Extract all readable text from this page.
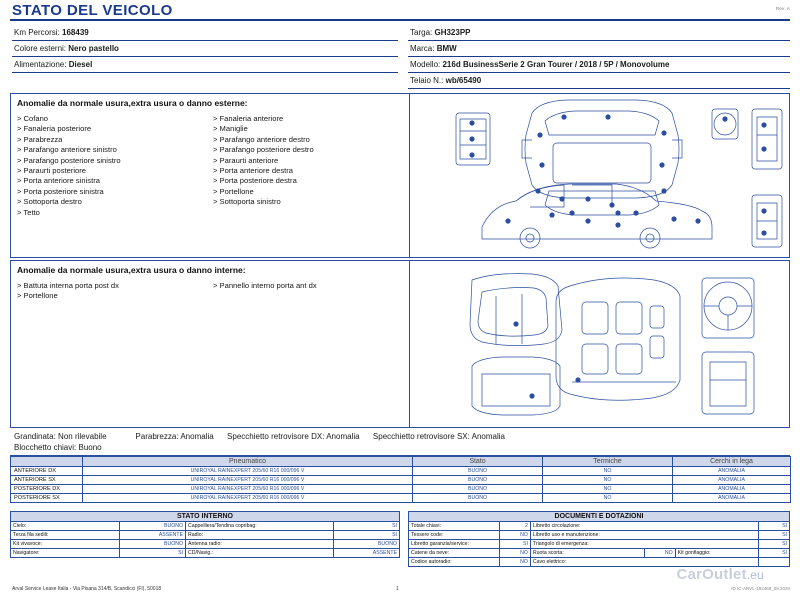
STATO DEL VEICOLO	Rev. A
Km Percorsi: 168439
Colore esterni: Nero pastello
Alimentazione: Diesel
Targa: GH323PP
Marca: BMW
Modello: 216d BusinessSerie 2 Gran Tourer / 2018 / 5P / Monovolume
Telaio N.: wb/65490
Anomalie da normale usura,extra usura o danno esterne:
> Cofano
> Fanaleria posteriore
> Parabrezza
> Parafango anteriore sinistro
> Parafango posteriore sinistro
> Paraurti posteriore
> Porta anteriore sinistra
> Porta posteriore sinistra
> Sottoporta destro
> Tetto
> Fanaleria anteriore
> Maniglie
> Parafango anteriore destro
> Parafango posteriore destro
> Paraurti anteriore
> Porta anteriore destra
> Porta posteriore destra
> Portellone
> Sottoporta sinistro
Anomalie da normale usura,extra usura o danno interne:
> Battuta interna porta post dx
> Portellone
> Pannello interno porta ant dx
Grandinata: Non rilevabile	Parabrezza: Anomalia Specchietto retrovisore DX: Anomalia Specchietto retrovisore SX: Anomalia
Blocchetto chiavi: Buono
	Pneumatico	Stato	Termiche	Cerchi in lega
ANTERIORE DX	UNIROYAL RAINEXPERT 205/60 R16 000/096 V	BUONO	NO	ANOMALIA
ANTERIORE SX	UNIROYAL RAINEXPERT 205/60 R16 000/096 V	BUONO	NO	ANOMALIA
POSTERIORE DX	UNIROYAL RAINEXPERT 205/60 R16 000/096 V	BUONO	NO	ANOMALIA
POSTERIORE SX	UNIROYAL RAINEXPERT 205/60 R16 000/096 V	BUONO	NO	ANOMALIA
STATO INTERNO
Cielo:	BUONO	Cappelliera/Tendina copribag:	SI
Terza fila sedili:	ASSENTE	Radio:	SI
Kit vivavoce:	BUONO	Antenna radio:	BUONO
Navigatore:	SI	CD/Navig.:	ASSENTE
DOCUMENTI E DOTAZIONI
Totale chiavi:	2	Libretto circolazione:			SI
Tessere code:	NO	Libretto uso e manutenzione:			SI
Libretto garanzia/service:	SI	Triangolo di emergenza:			SI
Catene da neve:	NO	Ruota scorta:	NO	Kit gonfiaggio:	SI
Codice autoradio:	NO	Cavo elettrico:			
CarOutlet.eu
Arval Service Lease Italia - Via Pisana 314/B, Scandicci (FI), 50018	1	ID IC-ARVL-192468_09.2020
